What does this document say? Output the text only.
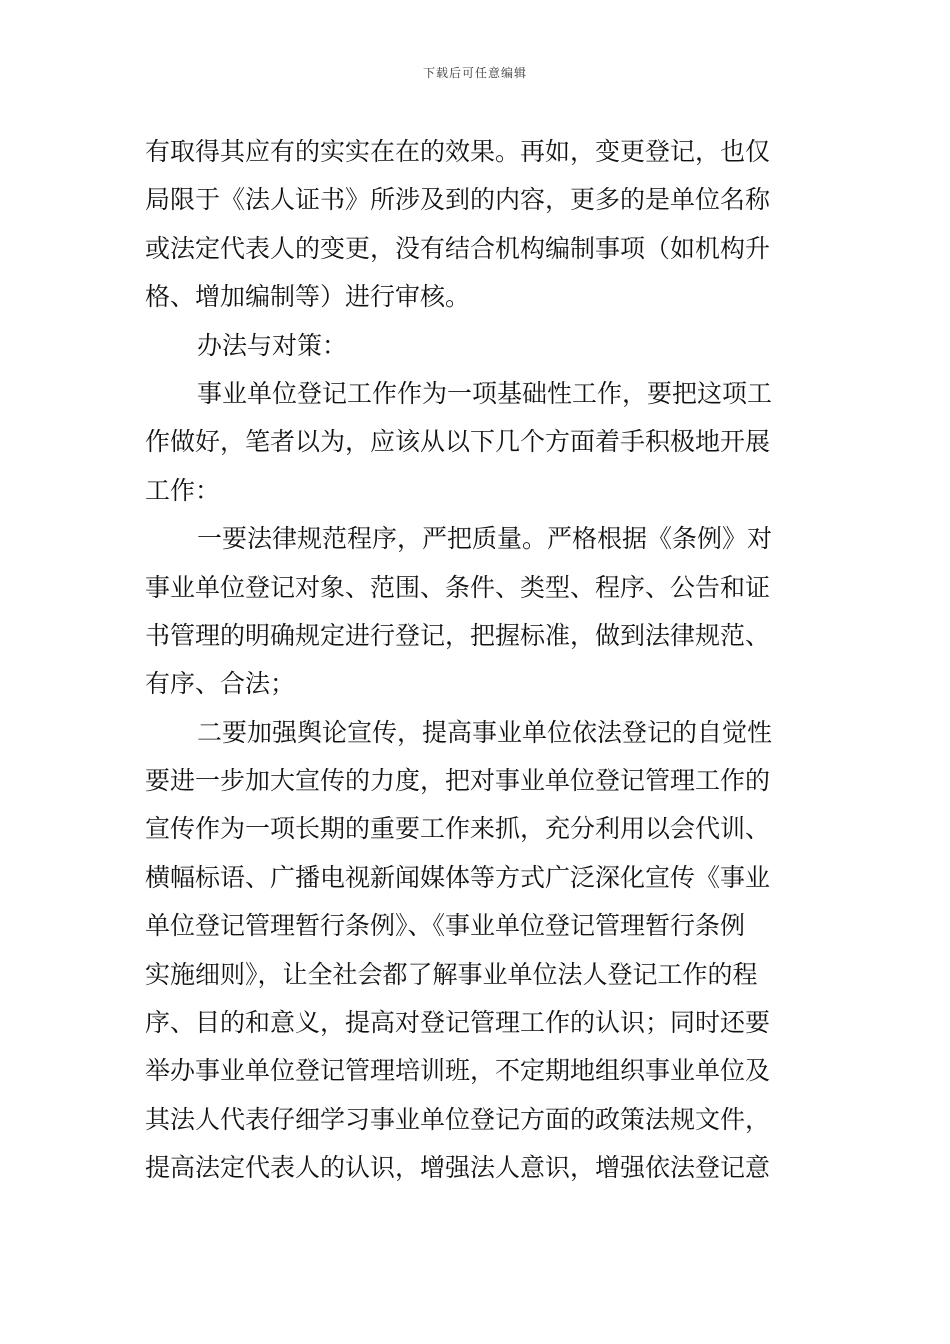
下载后可任意编辑
有取得其应有的实实在在的效果。再如，变更登记，也仅
局限于《法人证书》所涉及到的内容，更多的是单位名称
或法定代表人的变更，没有结合机构编制事项（如机构升
格、增加编制等）进行审核。
办法与对策：
事业单位登记工作作为一项基础性工作，要把这项工
作做好，笔者以为，应该从以下几个方面着手积极地开展
工作：
一要法律规范程序，严把质量。严格根据《条例》对
事业单位登记对象、范围、条件、类型、程序、公告和证
书管理的明确规定进行登记，把握标准，做到法律规范、
有序、合法；
二要加强舆论宣传，提高事业单位依法登记的自觉性
要进一步加大宣传的力度，把对事业单位登记管理工作的
宣传作为一项长期的重要工作来抓，充分利用以会代训、
横幅标语、广播电视新闻媒体等方式广泛深化宣传《事业
单位登记管理暂行条例》、《事业单位登记管理暂行条例
实施细则》，让全社会都了解事业单位法人登记工作的程
序、目的和意义，提高对登记管理工作的认识；同时还要
举办事业单位登记管理培训班，不定期地组织事业单位及
其法人代表仔细学习事业单位登记方面的政策法规文件，
提高法定代表人的认识，增强法人意识，增强依法登记意
